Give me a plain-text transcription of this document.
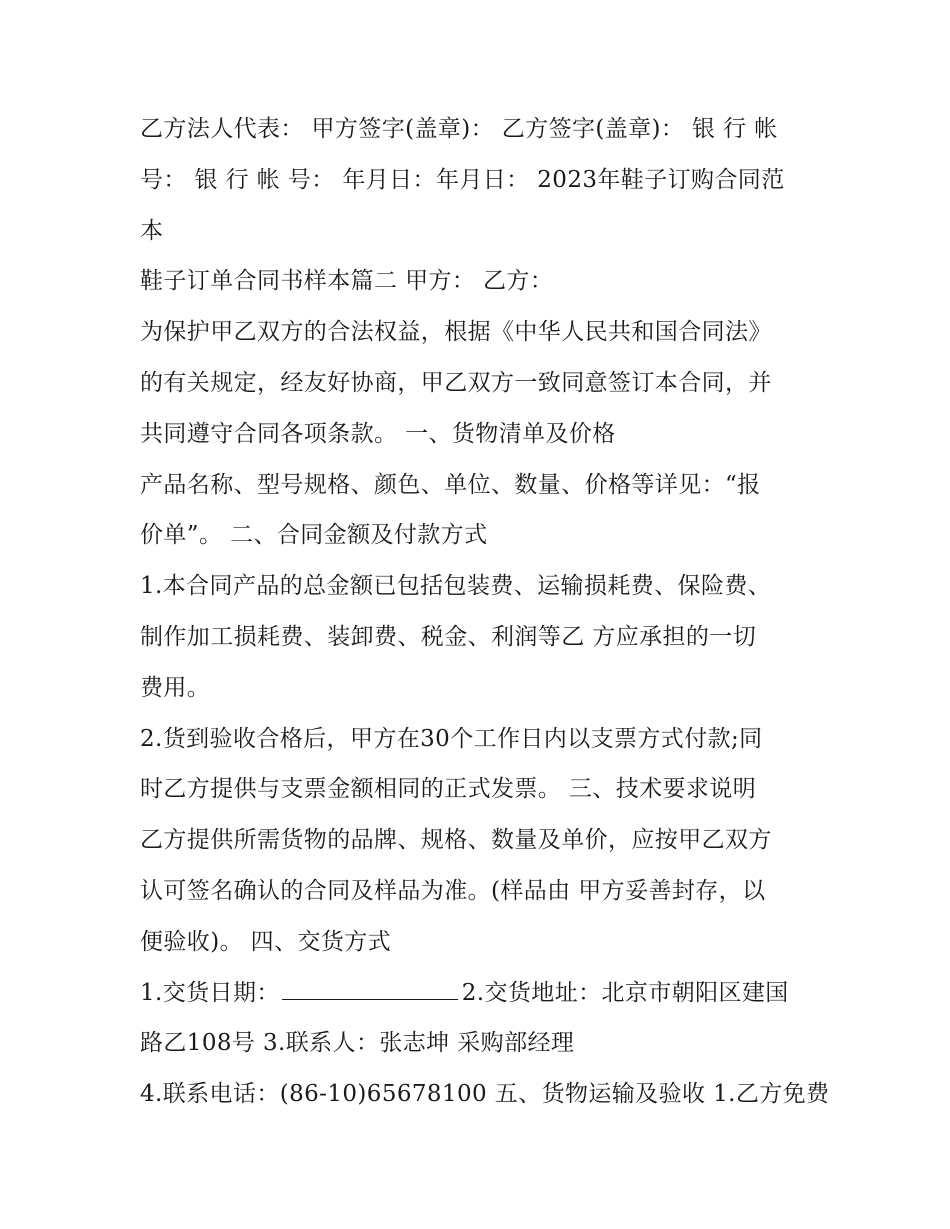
乙方法人代表： 甲方签字(盖章)： 乙方签字(盖章)： 银 行 帐
号： 银 行 帐 号： 年月日：年月日： 2023年鞋子订购合同范
本
鞋子订单合同书样本篇二 甲方： 乙方：
为保护甲乙双方的合法权益，根据《中华人民共和国合同法》
的有关规定，经友好协商，甲乙双方一致同意签订本合同，并
共同遵守合同各项条款。 一、货物清单及价格
产品名称、型号规格、颜色、单位、数量、价格等详见：“报
价单”。 二、合同金额及付款方式
1.本合同产品的总金额已包括包装费、运输损耗费、保险费、
制作加工损耗费、装卸费、税金、利润等乙 方应承担的一切
费用。
2.货到验收合格后，甲方在30个工作日内以支票方式付款;同
时乙方提供与支票金额相同的正式发票。 三、技术要求说明
乙方提供所需货物的品牌、规格、数量及单价，应按甲乙双方
认可签名确认的合同及样品为准。(样品由 甲方妥善封存，以
便验收)。 四、交货方式
1.交货日期：	2.交货地址：北京市朝阳区建国
路乙108号 3.联系人：张志坤 采购部经理
4.联系电话：(86-10)65678100 五、货物运输及验收 1.乙方免费
